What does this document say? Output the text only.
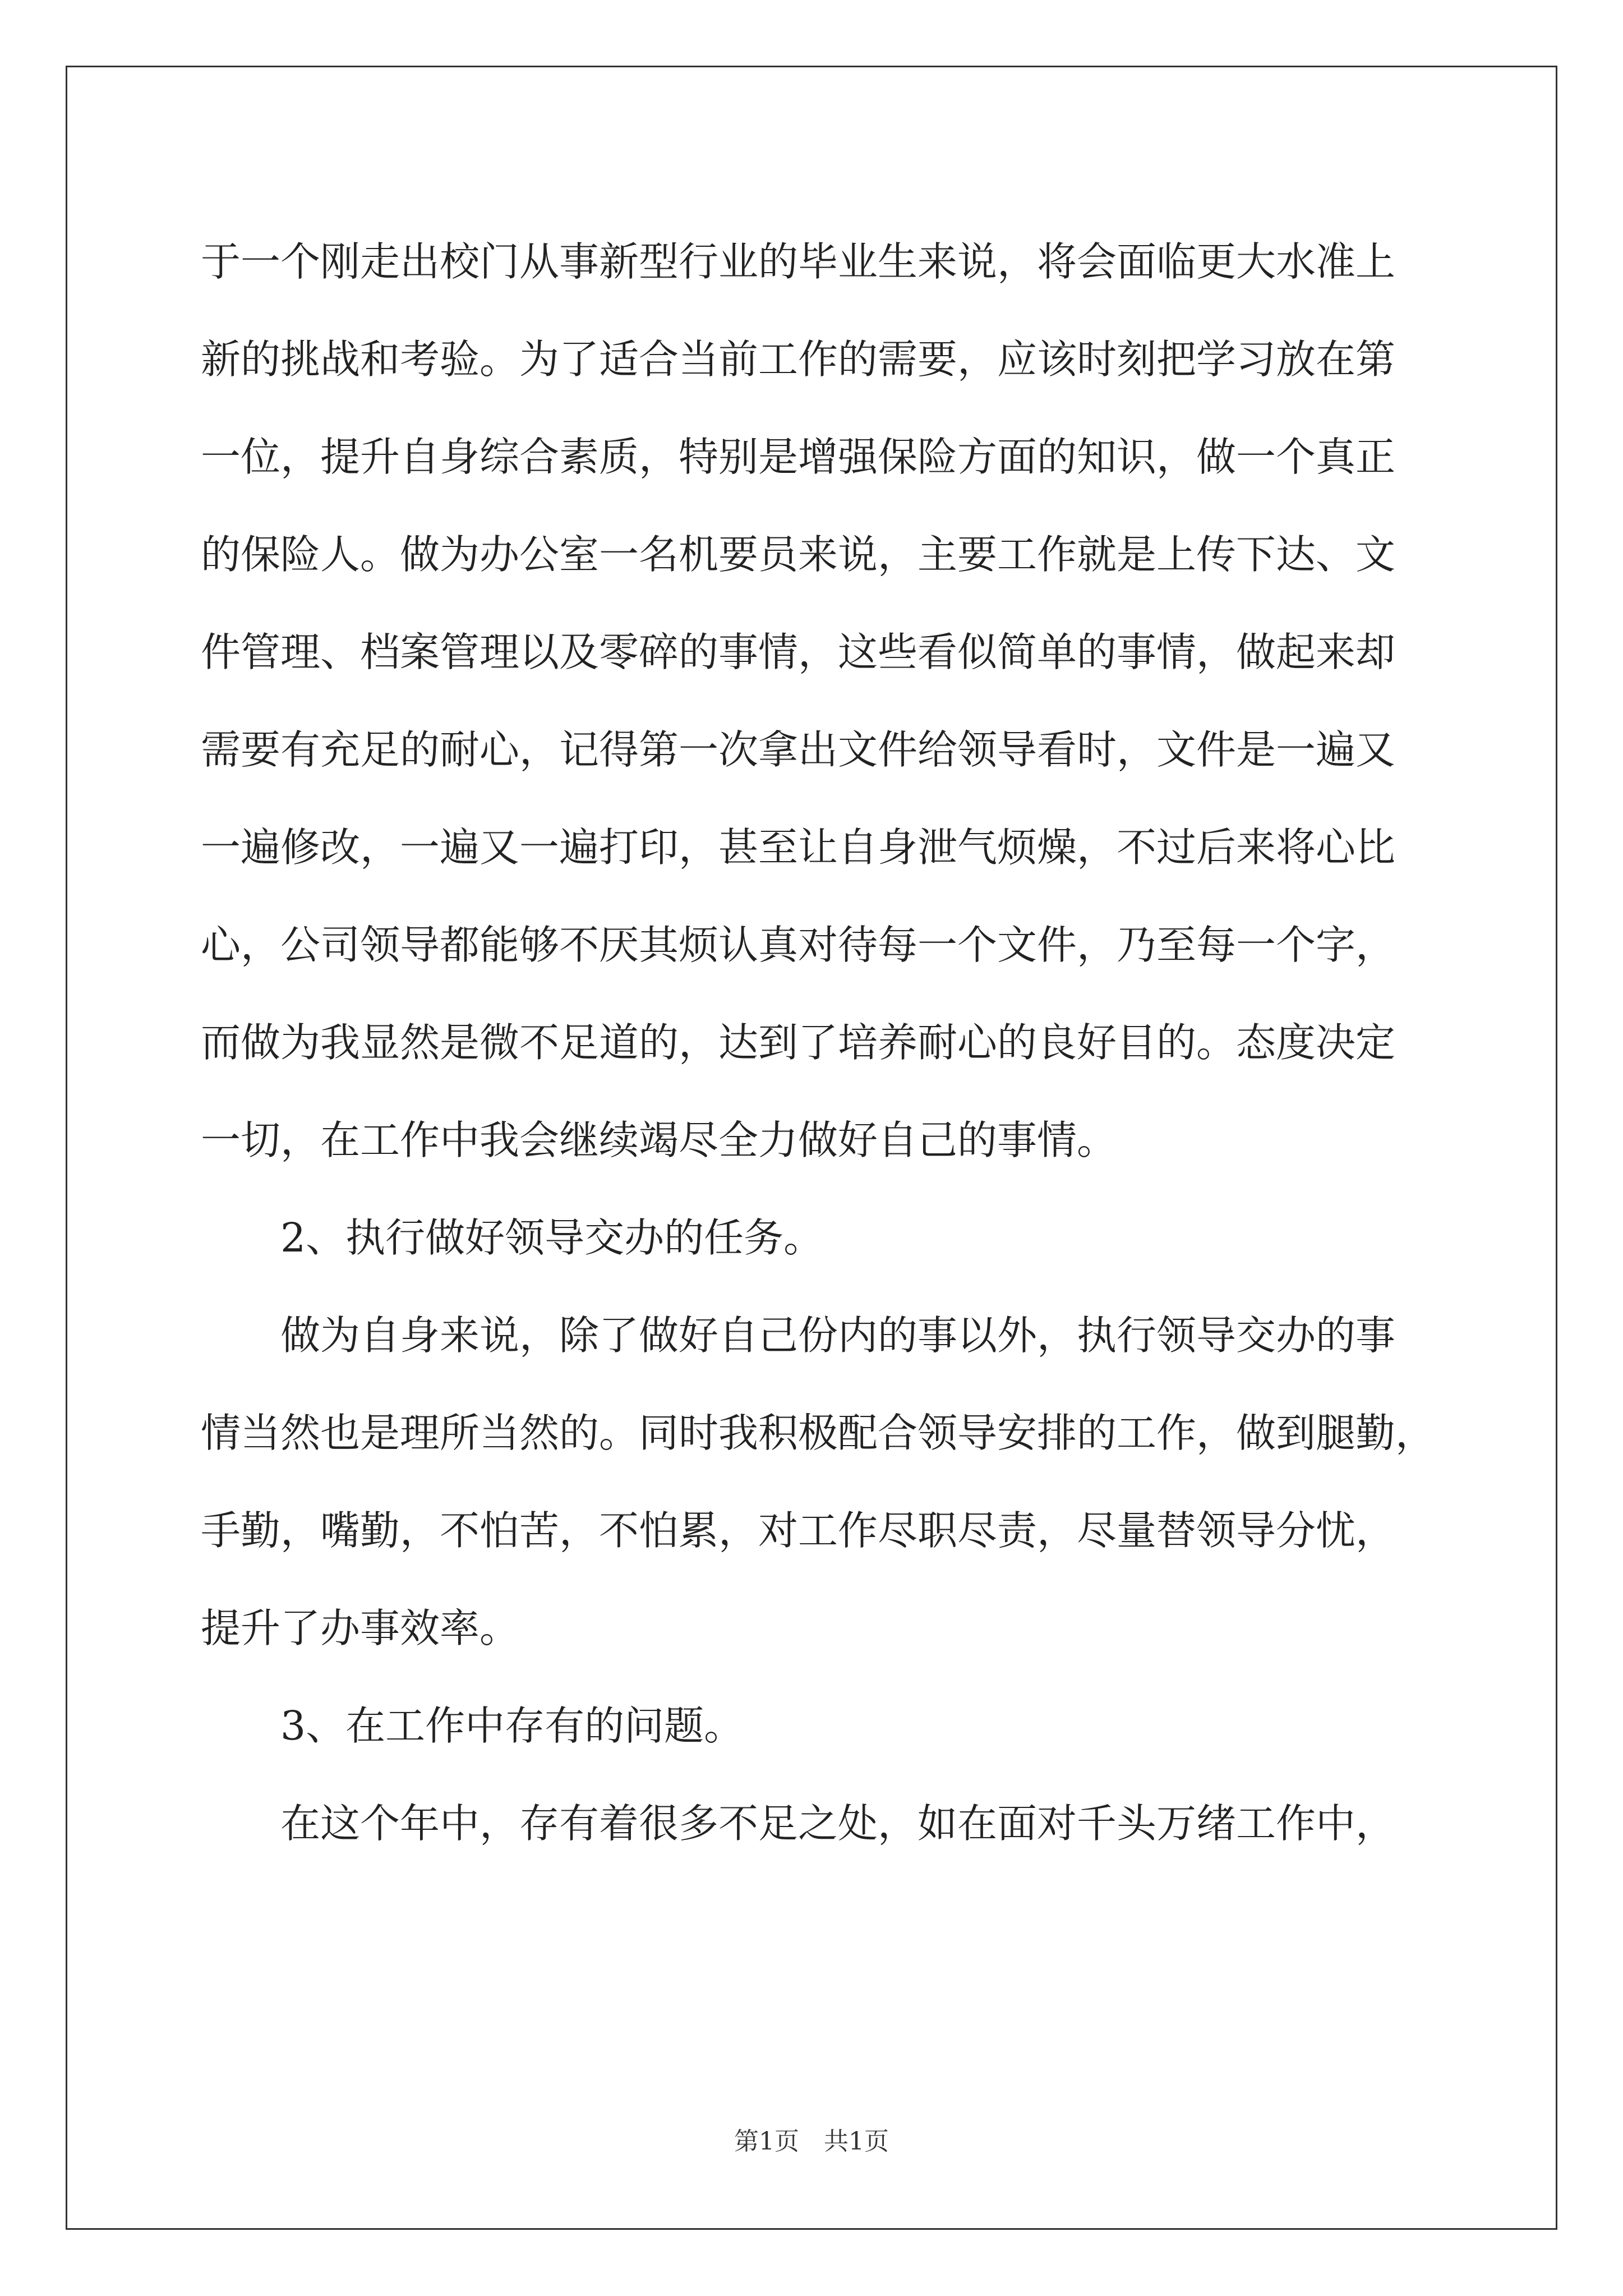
于一个刚走出校门从事新型行业的毕业生来说，将会面临更大水准上
新的挑战和考验。为了适合当前工作的需要，应该时刻把学习放在第
一位，提升自身综合素质，特别是增强保险方面的知识，做一个真正
的保险人。做为办公室一名机要员来说，主要工作就是上传下达、文
件管理、档案管理以及零碎的事情，这些看似简单的事情，做起来却
需要有充足的耐心，记得第一次拿出文件给领导看时，文件是一遍又
一遍修改，一遍又一遍打印，甚至让自身泄气烦燥，不过后来将心比
心，公司领导都能够不厌其烦认真对待每一个文件，乃至每一个字，
而做为我显然是微不足道的，达到了培养耐心的良好目的。态度决定
一切，在工作中我会继续竭尽全力做好自己的事情。
2、执行做好领导交办的任务。
做为自身来说，除了做好自己份内的事以外，执行领导交办的事
情当然也是理所当然的。同时我积极配合领导安排的工作，做到腿勤，
手勤，嘴勤，不怕苦，不怕累，对工作尽职尽责，尽量替领导分忧，
提升了办事效率。
3、在工作中存有的问题。
在这个年中，存有着很多不足之处，如在面对千头万绪工作中，
第1页　共1页
